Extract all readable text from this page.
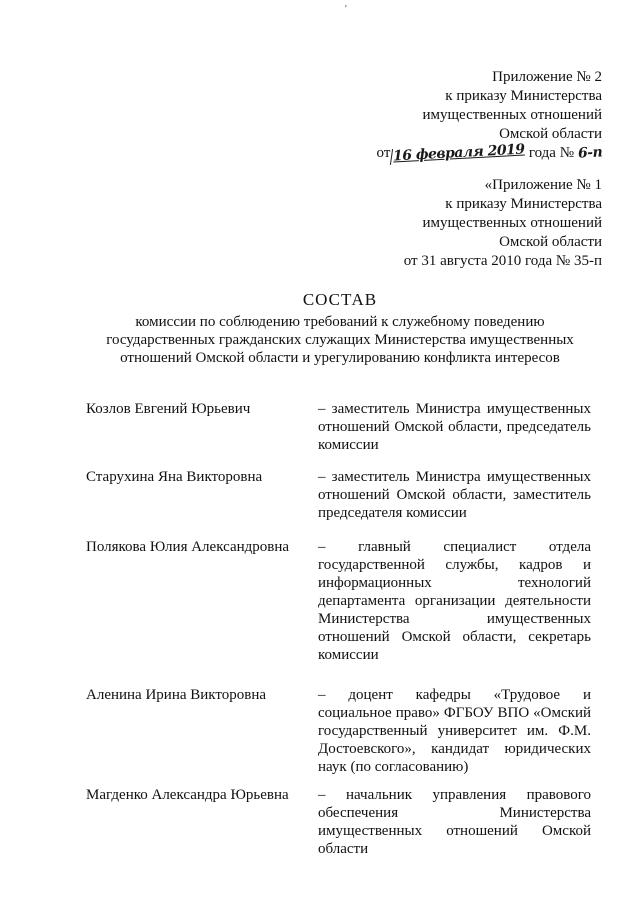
'
Приложение № 2
к приказу Министерства
имущественных отношений
Омской области
от 16 февраля 2019 года № 6-п
«Приложение № 1
к приказу Министерства
имущественных отношений
Омской области
от 31 августа 2010 года № 35-п
СОСТАВ
комиссии по соблюдению требований к служебному поведению государственных гражданских служащих Министерства имущественных отношений Омской области и урегулированию конфликта интересов
Козлов Евгений Юрьевич	– заместитель Министра имущественных отношений Омской области, председатель комиссии
Старухина Яна Викторовна	– заместитель Министра имущественных отношений Омской области, заместитель председателя комиссии
Полякова Юлия Александровна	– главный специалист отдела государственной службы, кадров и информационных технологий департамента организации деятельности Министерства имущественных отношений Омской области, секретарь комиссии
Аленина Ирина Викторовна	– доцент кафедры «Трудовое и социальное право» ФГБОУ ВПО «Омский государственный университет им. Ф.М. Достоевского», кандидат юридических наук (по согласованию)
Магденко Александра Юрьевна	– начальник управления правового обеспечения Министерства имущественных отношений Омской области
